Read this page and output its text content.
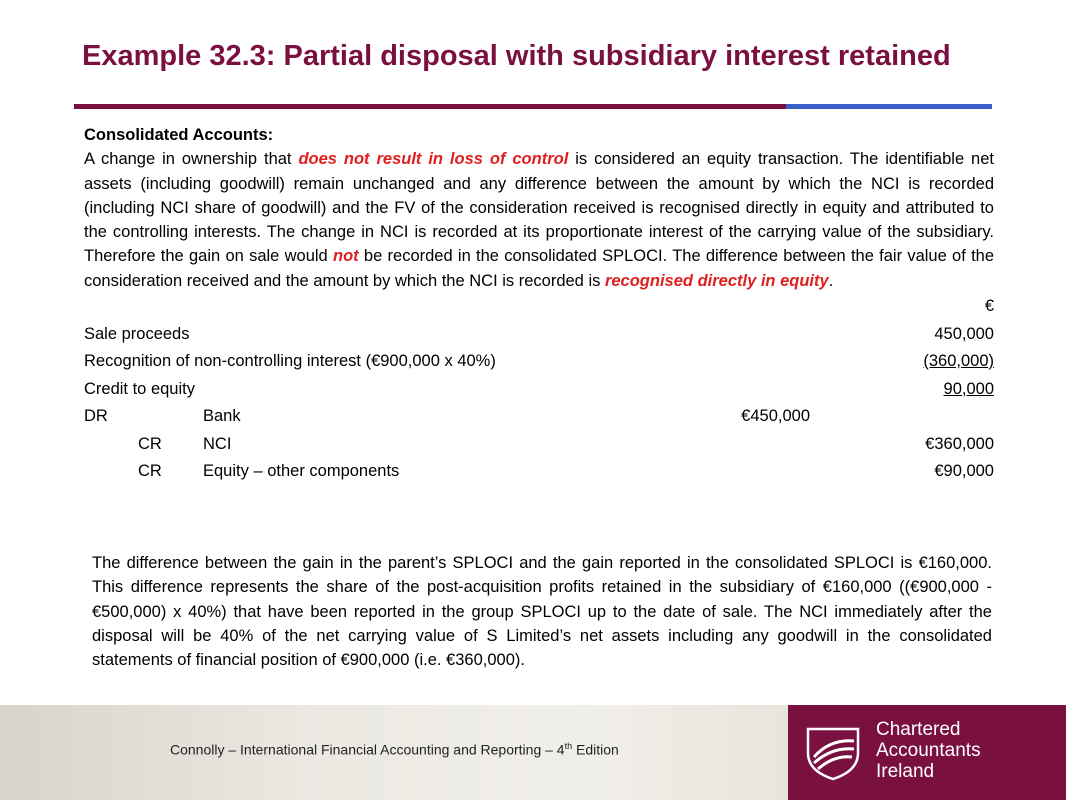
Example 32.3: Partial disposal with subsidiary interest retained

Consolidated Accounts:

A change in ownership that does not result in loss of control is considered an equity transaction. The identifiable net assets (including goodwill) remain unchanged and any difference between the amount by which the NCI is recorded (including NCI share of goodwill) and the FV of the consideration received is recognised directly in equity and attributed to the controlling interests. The change in NCI is recorded at its proportionate interest of the carrying value of the subsidiary. Therefore the gain on sale would not be recorded in the consolidated SPLOCI. The difference between the fair value of the consideration received and the amount by which the NCI is recorded is recognised directly in equity.

€
Sale proceeds	450,000
Recognition of non-controlling interest (€900,000 x 40%)	(360,000)
Credit to equity	90,000
DR	Bank	€450,000
CR NCI	€360,000
CR Equity – other components	€90,000
Connolly – International Financial Accounting and Reporting – 4th Edition

The difference between the gain in the parent’s SPLOCI and the gain reported in the consolidated SPLOCI is €160,000. This difference represents the share of the post-acquisition profits retained in the subsidiary of €160,000 ((€900,000 - €500,000) x 40%) that have been reported in the group SPLOCI up to the date of sale. The NCI immediately after the disposal will be 40% of the net carrying value of S Limited’s net assets including any goodwill in the consolidated statements of financial position of €900,000 (i.e. €360,000).

Chartered
Accountants
Ireland
